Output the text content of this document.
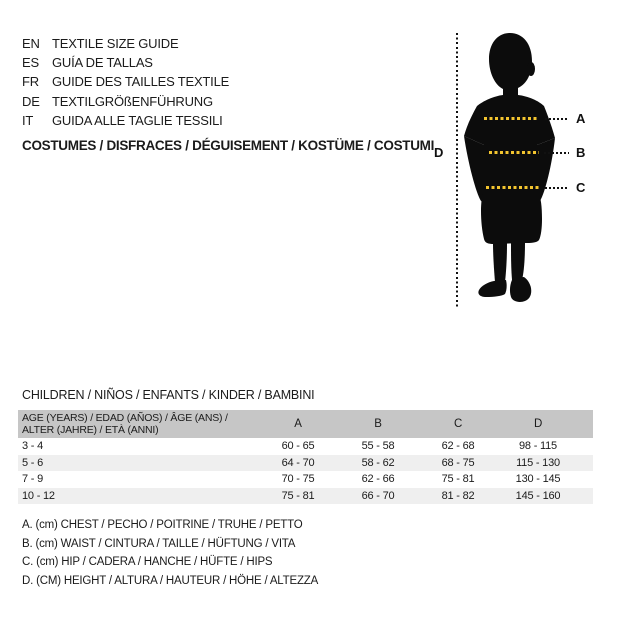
EN TEXTILE SIZE GUIDE
ES	GUÍA DE TALLAS
FR	GUIDE DES TAILLES TEXTILE
DE TEXTILGRÖßENFÜHRUNG
IT	GUIDA ALLE TAGLIE TESSILI
COSTUMES / DISFRACES / DÉGUISEMENT / KOSTÜME / COSTUMI
A
B
C
D
CHILDREN / NIÑOS / ENFANTS / KINDER / BAMBINI
AGE (YEARS) / EDAD (AÑOS) / ÂGE (ANS) /
ALTER (JAHRE) / ETÀ (ANNI)	A	B	C	D
3 - 4	60 - 65	55 - 58	62 - 68	98 - 115
5 - 6	64 - 70	58 - 62	68 - 75	115 - 130
7 - 9	70 - 75	62 - 66	75 - 81	130 - 145
10 - 12	75 - 81	66 - 70	81 - 82	145 - 160
A. (cm) CHEST / PECHO / POITRINE / TRUHE / PETTO
B. (cm) WAIST / CINTURA / TAILLE / HÜFTUNG / VITA
C. (cm) HIP / CADERA / HANCHE / HÜFTE / HIPS
D. (CM) HEIGHT / ALTURA / HAUTEUR / HÖHE / ALTEZZA
